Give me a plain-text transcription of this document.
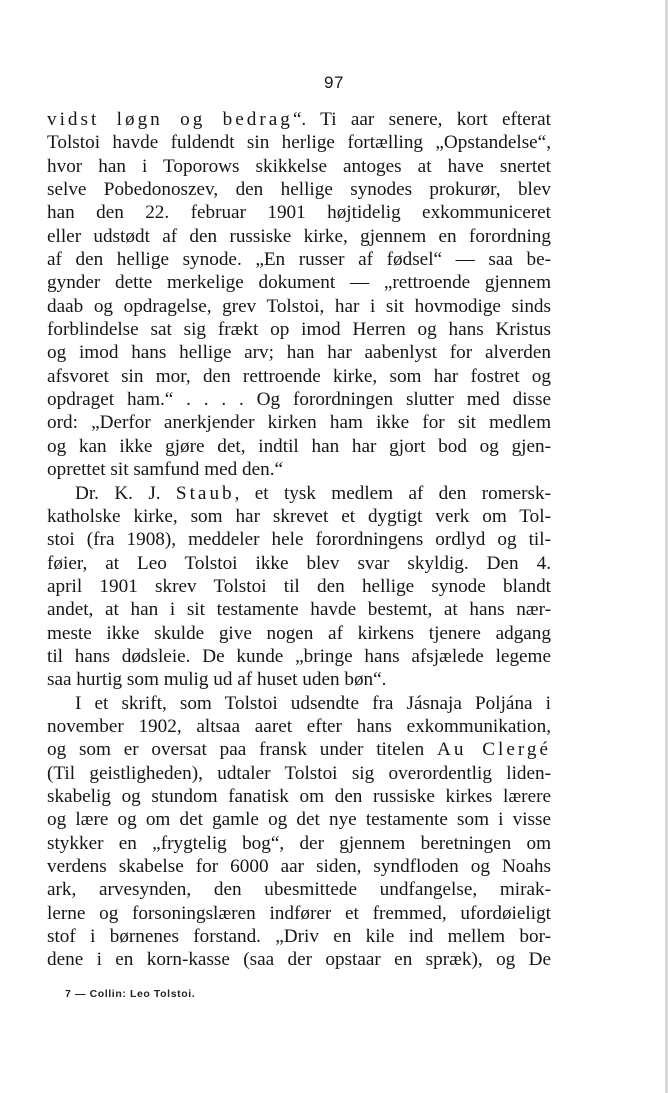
97
vidst løgn og bedrag“. Ti aar senere, kort efterat
Tolstoi havde fuldendt sin herlige fortælling „Opstandelse“,
hvor han i Toporows skikkelse antoges at have snertet
selve Pobedonoszev, den hellige synodes prokurør, blev
han den 22. februar 1901 højtidelig exkommuniceret
eller udstødt af den russiske kirke, gjennem en forordning
af den hellige synode. „En russer af fødsel“ — saa be-
gynder dette merkelige dokument — „rettroende gjennem
daab og opdragelse, grev Tolstoi, har i sit hovmodige sinds
forblindelse sat sig frækt op imod Herren og hans Kristus
og imod hans hellige arv; han har aabenlyst for alverden
afsvoret sin mor, den rettroende kirke, som har fostret og
opdraget ham.“ . . . . Og forordningen slutter med disse
ord: „Derfor anerkjender kirken ham ikke for sit medlem
og kan ikke gjøre det, indtil han har gjort bod og gjen-
oprettet sit samfund med den.“
Dr. K. J. Staub, et tysk medlem af den romersk-
katholske kirke, som har skrevet et dygtigt verk om Tol-
stoi (fra 1908), meddeler hele forordningens ordlyd og til-
føier, at Leo Tolstoi ikke blev svar skyldig. Den 4.
april 1901 skrev Tolstoi til den hellige synode blandt
andet, at han i sit testamente havde bestemt, at hans nær-
meste ikke skulde give nogen af kirkens tjenere adgang
til hans dødsleie. De kunde „bringe hans afsjælede legeme
saa hurtig som mulig ud af huset uden bøn“.
I et skrift, som Tolstoi udsendte fra Jásnaja Poljána i
november 1902, altsaa aaret efter hans exkommunikation,
og som er oversat paa fransk under titelen Au Clergé
(Til geistligheden), udtaler Tolstoi sig overordentlig liden-
skabelig og stundom fanatisk om den russiske kirkes lærere
og lære og om det gamle og det nye testamente som i visse
stykker en „frygtelig bog“, der gjennem beretningen om
verdens skabelse for 6000 aar siden, syndfloden og Noahs
ark, arvesynden, den ubesmittede undfangelse, mirak-
lerne og forsoningslæren indfører et fremmed, ufordøieligt
stof i børnenes forstand. „Driv en kile ind mellem bor-
dene i en korn-kasse (saa der opstaar en spræk), og De
7 — Collin: Leo Tolstoi.
